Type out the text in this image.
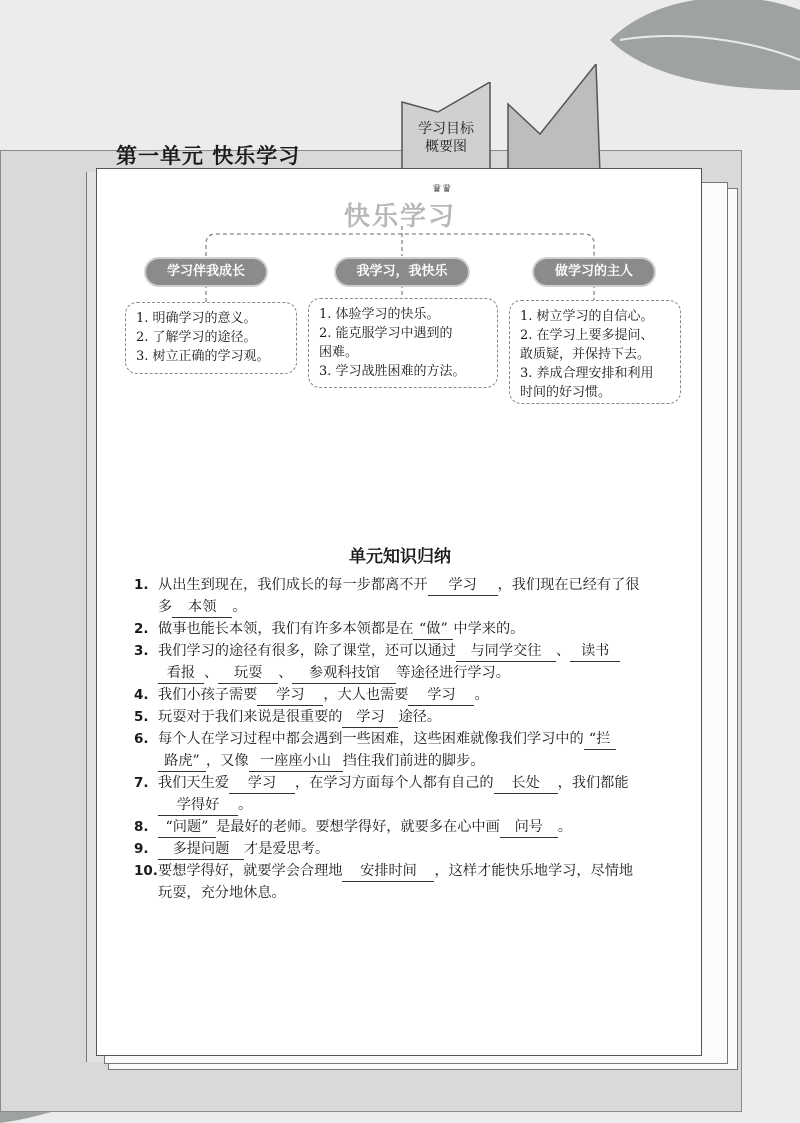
学习目标
概要图
第一单元 快乐学习
♛♛
快乐学习
学习伴我成长	我学习，我快乐	做学习的主人
1. 明确学习的意义。
2. 了解学习的途径。
3. 树立正确的学习观。
1. 体验学习的快乐。
2. 能克服学习中遇到的
困难。
3. 学习战胜困难的方法。
1. 树立学习的自信心。
2. 在学习上要多提问、
敢质疑，并保持下去。
3. 养成合理安排和利用
时间的好习惯。
单元知识归纳
1. 从出生到现在，我们成长的每一步都离不开 学习 ，我们现在已经有了很
多 本领 。
2. 做事也能长本领，我们有许多本领都是在 “做” 中学来的。
3. 我们学习的途径有很多，除了课堂，还可以通过 与同学交往 、 读书
看报 、 玩耍 、 参观科技馆 等途径进行学习。
4. 我们小孩子需要 学习 ，大人也需要 学习 。
5. 玩耍对于我们来说是很重要的 学习 途径。
6. 每个人在学习过程中都会遇到一些困难，这些困难就像我们学习中的 “拦
路虎” ，又像 一座座小山 挡住我们前进的脚步。
7. 我们天生爱 学习 ，在学习方面每个人都有自己的 长处 ，我们都能
学得好 。
8. “问题” 是最好的老师。要想学得好，就要多在心中画 问号 。
9. 多提问题 才是爱思考。
10. 要想学得好，就要学会合理地 安排时间 ，这样才能快乐地学习，尽情地
玩耍，充分地休息。
